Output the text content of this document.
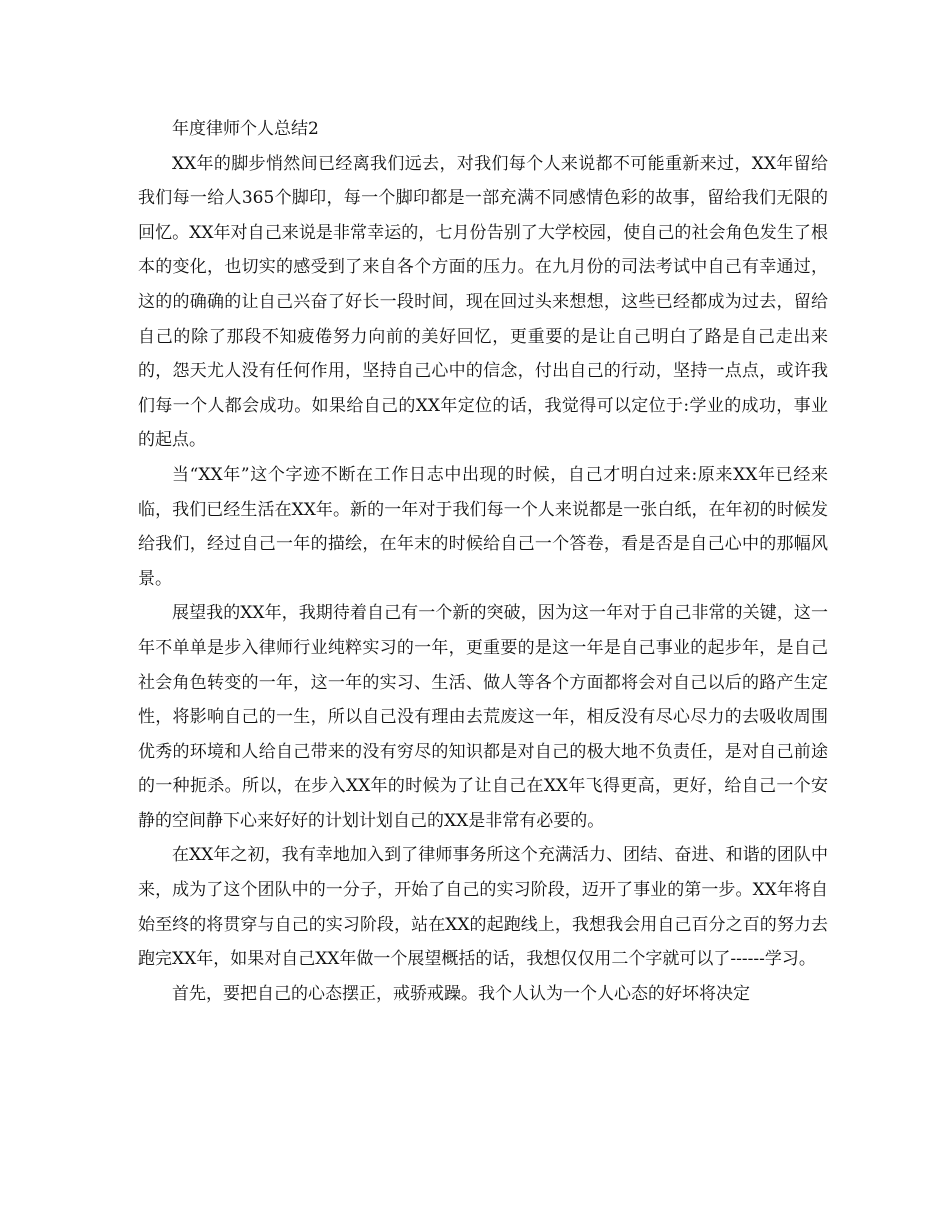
年度律师个人总结2

XX年的脚步悄然间已经离我们远去，对我们每个人来说都不可能重新来过，XX年留给我们每一给人365个脚印，每一个脚印都是一部充满不同感情色彩的故事，留给我们无限的回忆。XX年对自己来说是非常幸运的，七月份告别了大学校园，使自己的社会角色发生了根本的变化，也切实的感受到了来自各个方面的压力。在九月份的司法考试中自己有幸通过，这的的确确的让自己兴奋了好长一段时间，现在回过头来想想，这些已经都成为过去，留给自己的除了那段不知疲倦努力向前的美好回忆，更重要的是让自己明白了路是自己走出来的，怨天尤人没有任何作用，坚持自己心中的信念，付出自己的行动，坚持一点点，或许我们每一个人都会成功。如果给自己的XX年定位的话，我觉得可以定位于:学业的成功，事业的起点。

当“XX年”这个字迹不断在工作日志中出现的时候，自己才明白过来:原来XX年已经来临，我们已经生活在XX年。新的一年对于我们每一个人来说都是一张白纸，在年初的时候发给我们，经过自己一年的描绘，在年末的时候给自己一个答卷，看是否是自己心中的那幅风景。

展望我的XX年，我期待着自己有一个新的突破，因为这一年对于自己非常的关键，这一年不单单是步入律师行业纯粹实习的一年，更重要的是这一年是自己事业的起步年，是自己社会角色转变的一年，这一年的实习、生活、做人等各个方面都将会对自己以后的路产生定性，将影响自己的一生，所以自己没有理由去荒废这一年，相反没有尽心尽力的去吸收周围优秀的环境和人给自己带来的没有穷尽的知识都是对自己的极大地不负责任，是对自己前途的一种扼杀。所以，在步入XX年的时候为了让自己在XX年飞得更高，更好，给自己一个安静的空间静下心来好好的计划计划自己的XX是非常有必要的。

在XX年之初，我有幸地加入到了律师事务所这个充满活力、团结、奋进、和谐的团队中来，成为了这个团队中的一分子，开始了自己的实习阶段，迈开了事业的第一步。XX年将自始至终的将贯穿与自己的实习阶段，站在XX的起跑线上，我想我会用自己百分之百的努力去跑完XX年，如果对自己XX年做一个展望概括的话，我想仅仅用二个字就可以了------学习。

首先，要把自己的心态摆正，戒骄戒躁。我个人认为一个人心态的好坏将决定
